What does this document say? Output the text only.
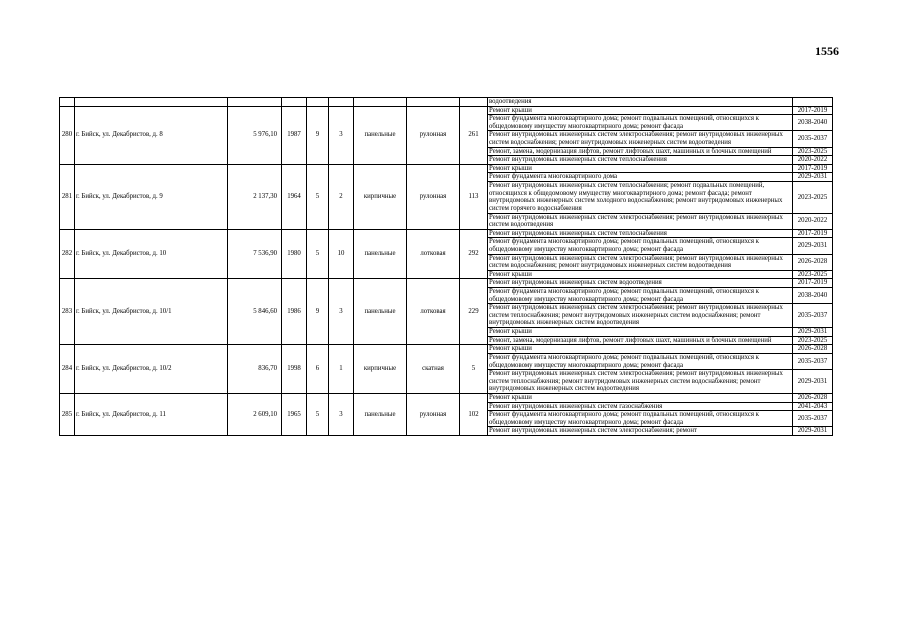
1556
									водоотведения	
280	г. Бийск, ул. Декабристов, д. 8	5 976,10	1987	9	3	панельные	рулонная	261	Ремонт крыши	2017-2019
									Ремонт фундамента многоквартирного дома; ремонт подвальных помещений, относящихся к общедомовому имуществу многоквартирного дома; ремонт фасада	2038-2040
									Ремонт внутридомовых инженерных систем электроснабжения; ремонт внутридомовых инженерных систем водоснабжения; ремонт внутридомовых инженерных систем водоотведения	2035-2037
									Ремонт, замена, модернизация лифтов, ремонт лифтовых шахт, машинных и блочных помещений	2023-2025
									Ремонт внутридомовых инженерных систем теплоснабжения	2020-2022
281	г. Бийск, ул. Декабристов, д. 9	2 137,30	1964	5	2	кирпичные	рулонная	113	Ремонт крыши	2017-2019
									Ремонт фундамента многоквартирного дома	2029-2031
									Ремонт внутридомовых инженерных систем теплоснабжения; ремонт подвальных помещений, относящихся к общедомовому имуществу многоквартирного дома; ремонт фасада; ремонт внутридомовых инженерных систем холодного водоснабжения; ремонт внутридомовых инженерных систем горячего водоснабжения	2023-2025
									Ремонт внутридомовых инженерных систем электроснабжения; ремонт внутридомовых инженерных систем водоотведения	2020-2022
282	г. Бийск, ул. Декабристов, д. 10	7 536,90	1980	5	10	панельные	лотковая	292	Ремонт внутридомовых инженерных систем теплоснабжения	2017-2019
									Ремонт фундамента многоквартирного дома; ремонт подвальных помещений, относящихся к общедомовому имуществу многоквартирного дома; ремонт фасада	2029-2031
									Ремонт внутридомовых инженерных систем электроснабжения; ремонт внутридомовых инженерных систем водоснабжения; ремонт внутридомовых инженерных систем водоотведения	2026-2028
									Ремонт крыши	2023-2025
283	г. Бийск, ул. Декабристов, д. 10/1	5 846,60	1986	9	3	панельные	лотковая	229	Ремонт внутридомовых инженерных систем водоотведения	2017-2019
									Ремонт фундамента многоквартирного дома; ремонт подвальных помещений, относящихся к общедомовому имуществу многоквартирного дома; ремонт фасада	2038-2040
									Ремонт внутридомовых инженерных систем электроснабжения; ремонт внутридомовых инженерных систем теплоснабжения; ремонт внутридомовых инженерных систем водоснабжения; ремонт внутридомовых инженерных систем водоотведения	2035-2037
									Ремонт крыши	2029-2031
									Ремонт, замена, модернизация лифтов, ремонт лифтовых шахт, машинных и блочных помещений	2023-2025
284	г. Бийск, ул. Декабристов, д. 10/2	836,70	1998	6	1	кирпичные	скатная	5	Ремонт крыши	2026-2028
									Ремонт фундамента многоквартирного дома; ремонт подвальных помещений, относящихся к общедомовому имуществу многоквартирного дома; ремонт фасада	2035-2037
									Ремонт внутридомовых инженерных систем электроснабжения; ремонт внутридомовых инженерных систем теплоснабжения; ремонт внутридомовых инженерных систем водоснабжения; ремонт внутридомовых инженерных систем водоотведения	2029-2031
285	г. Бийск, ул. Декабристов, д. 11	2 609,10	1965	5	3	панельные	рулонная	102	Ремонт крыши	2026-2028
									Ремонт внутридомовых инженерных систем газоснабжения	2041-2043
									Ремонт фундамента многоквартирного дома; ремонт подвальных помещений, относящихся к общедомовому имуществу многоквартирного дома; ремонт фасада	2035-2037
									Ремонт внутридомовых инженерных систем электроснабжения; ремонт	2029-2031
